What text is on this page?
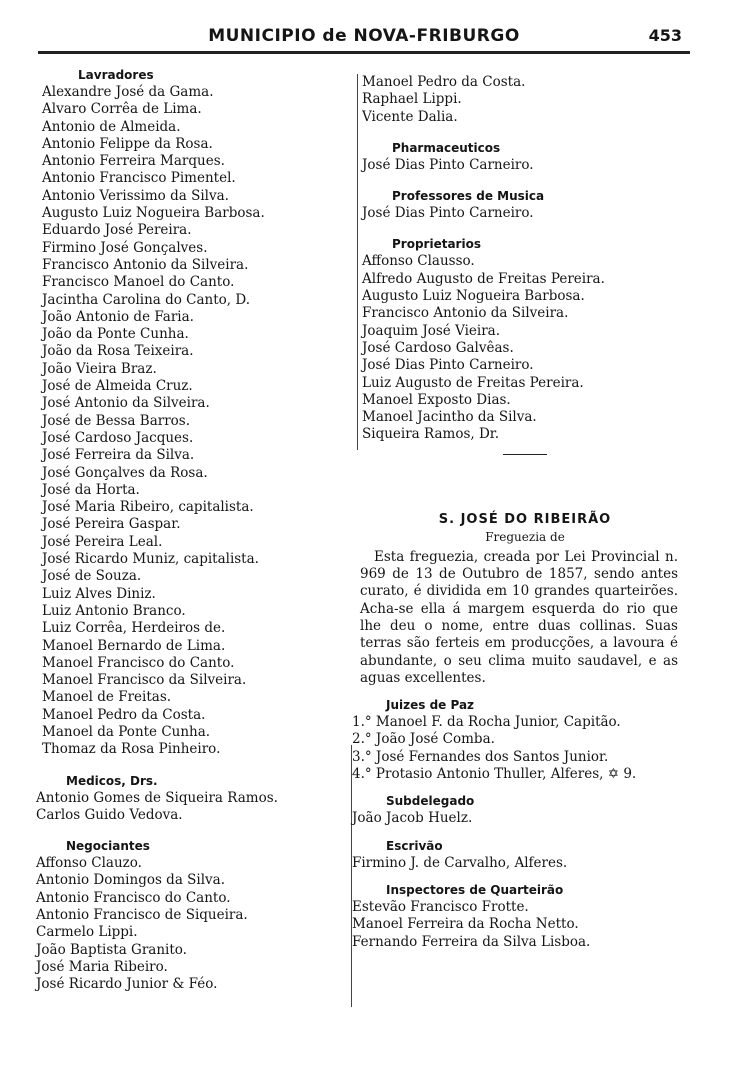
MUNICIPIO de NOVA-FRIBURGO	453
Lavradores
Alexandre José da Gama.
Alvaro Corrêa de Lima.
Antonio de Almeida.
Antonio Felippe da Rosa.
Antonio Ferreira Marques.
Antonio Francisco Pimentel.
Antonio Verissimo da Silva.
Augusto Luiz Nogueira Barbosa.
Eduardo José Pereira.
Firmino José Gonçalves.
Francisco Antonio da Silveira.
Francisco Manoel do Canto.
Jacintha Carolina do Canto, D.
João Antonio de Faria.
João da Ponte Cunha.
João da Rosa Teixeira.
João Vieira Braz.
José de Almeida Cruz.
José Antonio da Silveira.
José de Bessa Barros.
José Cardoso Jacques.
José Ferreira da Silva.
José Gonçalves da Rosa.
José da Horta.
José Maria Ribeiro, capitalista.
José Pereira Gaspar.
José Pereira Leal.
José Ricardo Muniz, capitalista.
José de Souza.
Luiz Alves Diniz.
Luiz Antonio Branco.
Luiz Corrêa, Herdeiros de.
Manoel Bernardo de Lima.
Manoel Francisco do Canto.
Manoel Francisco da Silveira.
Manoel de Freitas.
Manoel Pedro da Costa.
Manoel da Ponte Cunha.
Thomaz da Rosa Pinheiro.
Medicos, Drs.
Antonio Gomes de Siqueira Ramos.
Carlos Guido Vedova.
Negociantes
Affonso Clauzo.
Antonio Domingos da Silva.
Antonio Francisco do Canto.
Antonio Francisco de Siqueira.
Carmelo Lippi.
João Baptista Granito.
José Maria Ribeiro.
José Ricardo Junior & Féo.
Manoel Pedro da Costa.
Raphael Lippi.
Vicente Dalia.
Pharmaceuticos
José Dias Pinto Carneiro.
Professores de Musica
José Dias Pinto Carneiro.
Proprietarios
Affonso Clausso.
Alfredo Augusto de Freitas Pereira.
Augusto Luiz Nogueira Barbosa.
Francisco Antonio da Silveira.
Joaquim José Vieira.
José Cardoso Galvêas.
José Dias Pinto Carneiro.
Luiz Augusto de Freitas Pereira.
Manoel Exposto Dias.
Manoel Jacintho da Silva.
Siqueira Ramos, Dr.
S. JOSÉ DO RIBEIRÃO
Freguezia de

Esta freguezia, creada por Lei Provincial n. 969 de 13 de Outubro de 1857, sendo antes curato, é dividida em 10 grandes quarteirões. Acha-se ella á margem esquerda do rio que lhe deu o nome, entre duas collinas. Suas terras são ferteis em producções, a lavoura é abundante, o seu clima muito saudavel, e as aguas excellentes.

Juizes de Paz
1.° Manoel F. da Rocha Junior, Capitão.
2.° João José Comba.
3.° José Fernandes dos Santos Junior.
4.° Protasio Antonio Thuller, Alferes, ✡ 9.
Subdelegado
João Jacob Huelz.
Escrivão
Firmino J. de Carvalho, Alferes.
Inspectores de Quarteirão
Estevão Francisco Frotte.
Manoel Ferreira da Rocha Netto.
Fernando Ferreira da Silva Lisboa.
